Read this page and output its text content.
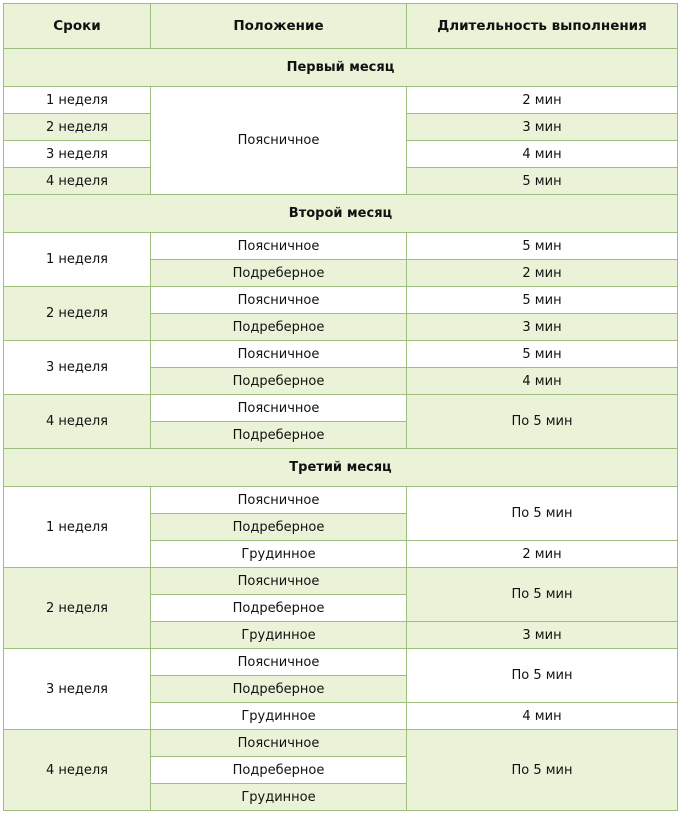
Сроки	Положение	Длительность выполнения
Первый месяц		
1 неделя	Поясничное	2 мин
2 неделя		3 мин
3 неделя		4 мин
4 неделя		5 мин
Второй месяц		
1 неделя	Поясничное	5 мин
	Подреберное	2 мин
2 неделя	Поясничное	5 мин
	Подреберное	3 мин
3 неделя	Поясничное	5 мин
	Подреберное	4 мин
4 неделя	Поясничное	По 5 мин
	Подреберное	
Третий месяц		
1 неделя	Поясничное	По 5 мин
	Подреберное	
	Грудинное	2 мин
2 неделя	Поясничное	По 5 мин
	Подреберное	
	Грудинное	3 мин
3 неделя	Поясничное	По 5 мин
	Подреберное	
	Грудинное	4 мин
4 неделя	Поясничное	По 5 мин
	Подреберное	
	Грудинное	
